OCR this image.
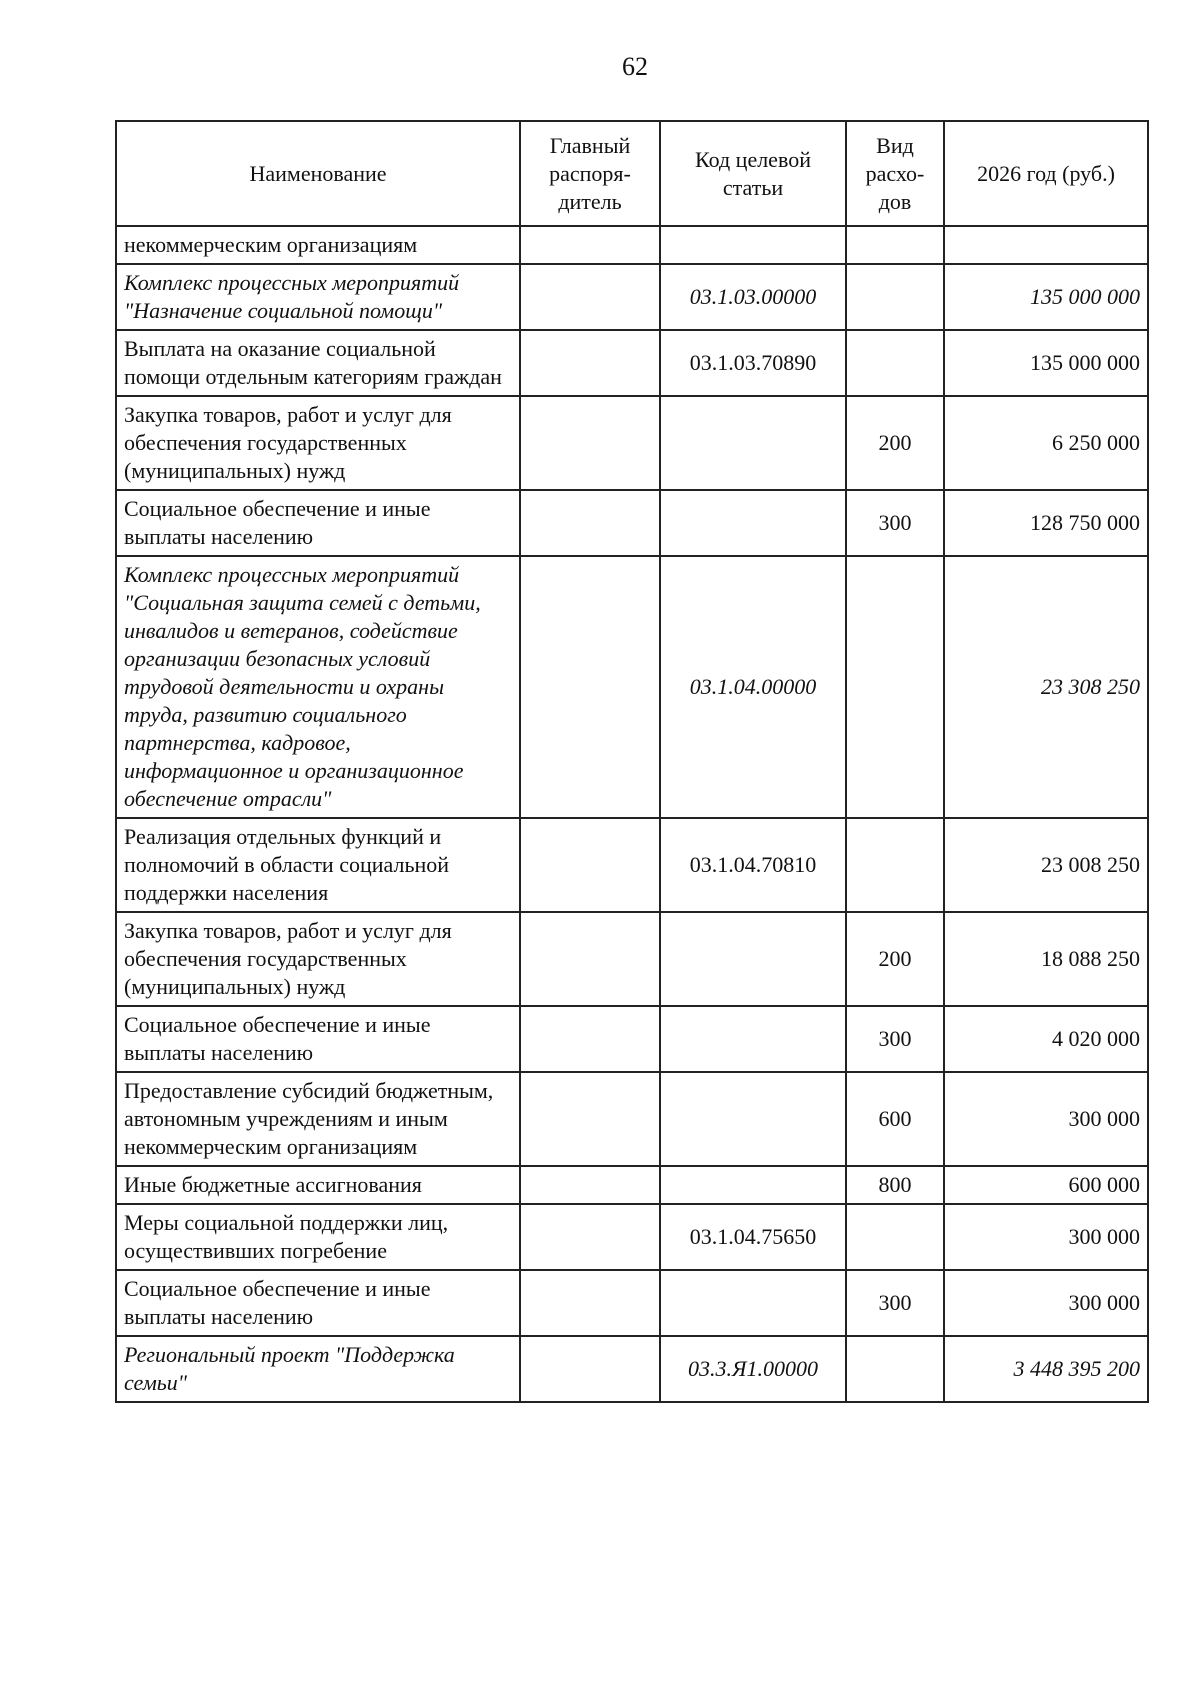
62
Наименование	Главный распоря-дитель	Код целевой статьи	Вид расхо-дов	2026 год (руб.)
некоммерческим организациям				
Комплекс процессных мероприятий "Назначение социальной помощи"		03.1.03.00000		135 000 000
Выплата на оказание социальной помощи отдельным категориям граждан		03.1.03.70890		135 000 000
Закупка товаров, работ и услуг для обеспечения государственных (муниципальных) нужд			200	6 250 000
Социальное обеспечение и иные выплаты населению			300	128 750 000
Комплекс процессных мероприятий "Социальная защита семей с детьми, инвалидов и ветеранов, содействие организации безопасных условий трудовой деятельности и охраны труда, развитию социального партнерства, кадровое, информационное и организационное обеспечение отрасли"		03.1.04.00000		23 308 250
Реализация отдельных функций и полномочий в области социальной поддержки населения		03.1.04.70810		23 008 250
Закупка товаров, работ и услуг для обеспечения государственных (муниципальных) нужд			200	18 088 250
Социальное обеспечение и иные выплаты населению			300	4 020 000
Предоставление субсидий бюджетным, автономным учреждениям и иным некоммерческим организациям			600	300 000
Иные бюджетные ассигнования			800	600 000
Меры социальной поддержки лиц, осуществивших погребение		03.1.04.75650		300 000
Социальное обеспечение и иные выплаты населению			300	300 000
Региональный проект "Поддержка семьи"		03.3.Я1.00000		3 448 395 200
